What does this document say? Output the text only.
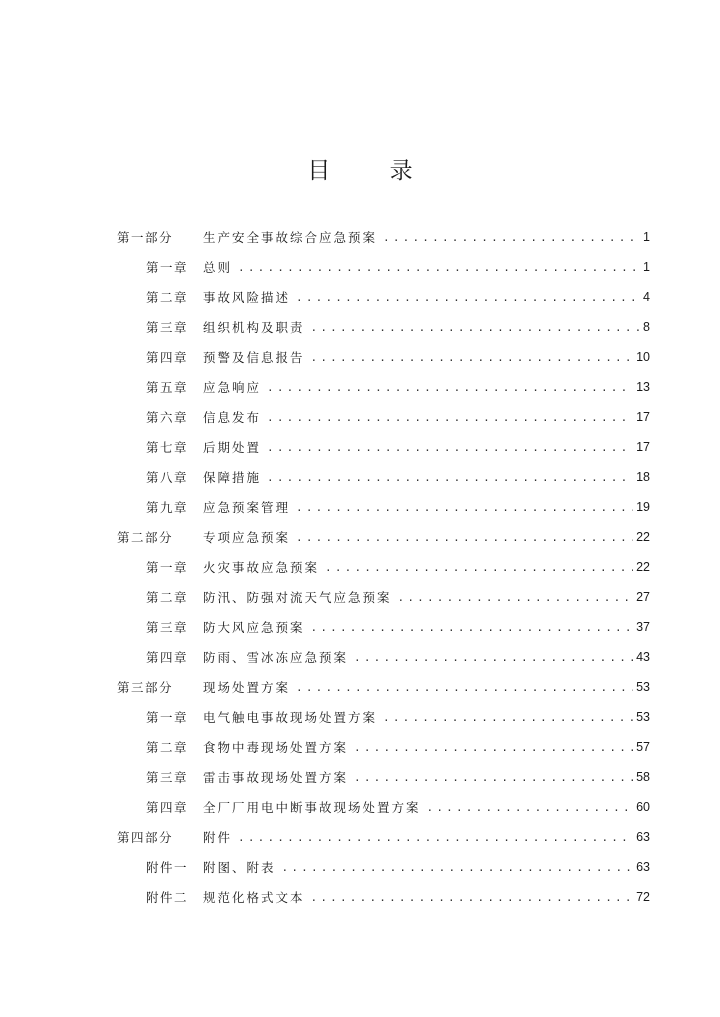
目 录
第一部分 生产安全事故综合应急预案 .....	1
第一章 总则 .....	1
第二章 事故风险描述 .....	4
第三章 组织机构及职责 .....	8
第四章 预警及信息报告 .....	10
第五章 应急响应 .....	13
第六章 信息发布 .....	17
第七章 后期处置 .....	17
第八章 保障措施 .....	18
第九章 应急预案管理 .....	19
第二部分 专项应急预案 .....	22
第一章 火灾事故应急预案 .....	22
第二章 防汛、防强对流天气应急预案 .....	27
第三章 防大风应急预案 .....	37
第四章 防雨、雪冰冻应急预案 .....	43
第三部分 现场处置方案 .....	53
第一章 电气触电事故现场处置方案 .....	53
第二章 食物中毒现场处置方案 .....	57
第三章 雷击事故现场处置方案 .....	58
第四章 全厂厂用电中断事故现场处置方案 .....	60
第四部分 附件 .....	63
附件一 附图、附表 .....	63
附件二 规范化格式文本 .....	72
